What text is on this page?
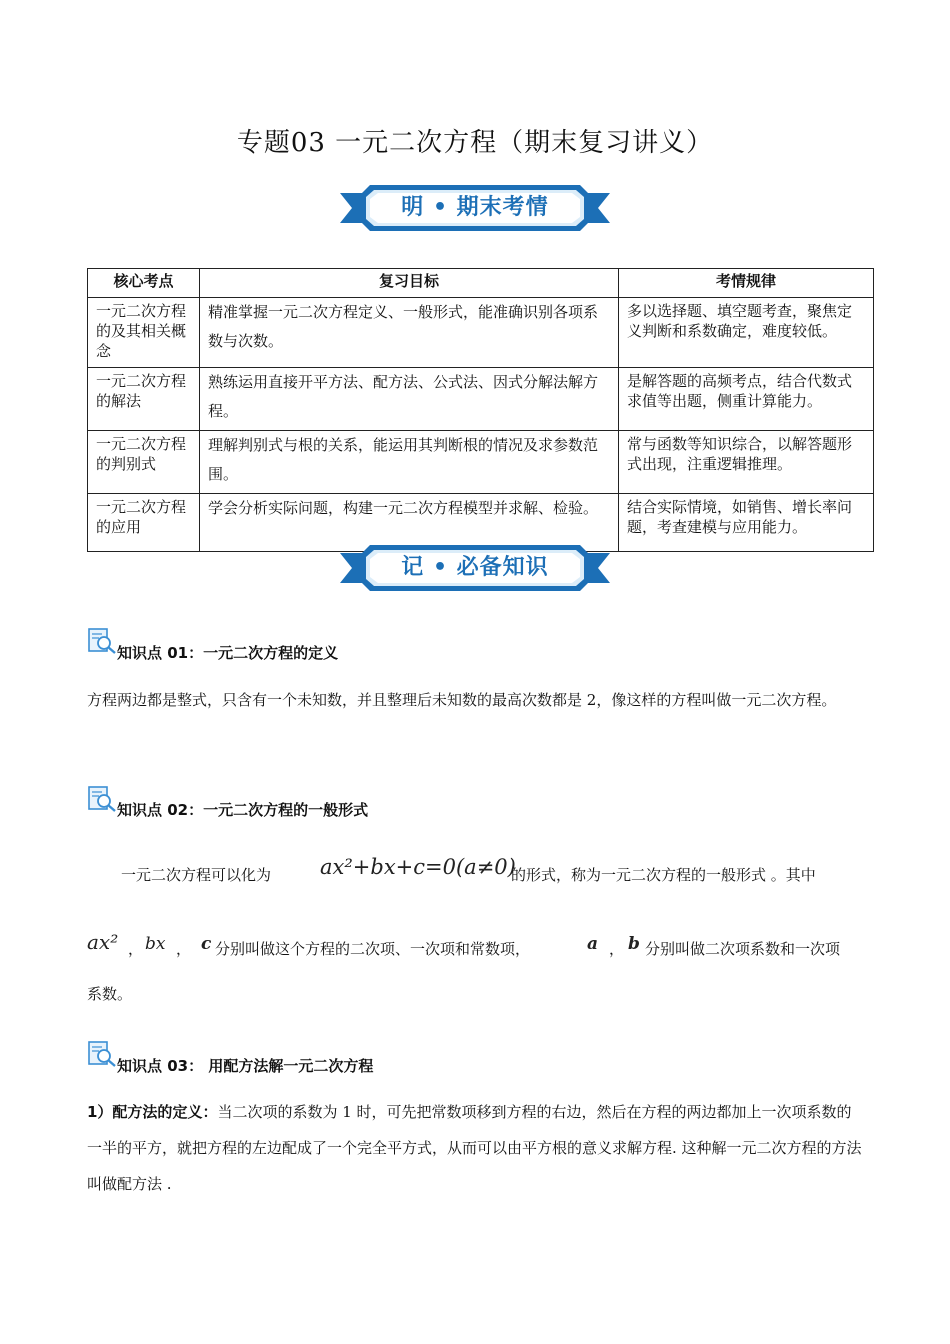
专题03 一元二次方程（期末复习讲义）
明 • 期末考情
核心考点	复习目标	考情规律
一元二次方程的及其相关概念	精准掌握一元二次方程定义、一般形式，能准确识别各项系数与次数。	多以选择题、填空题考查，聚焦定义判断和系数确定，难度较低。
一元二次方程的解法	熟练运用直接开平方法、配方法、公式法、因式分解法解方程。	是解答题的高频考点，结合代数式求值等出题，侧重计算能力。
一元二次方程的判别式	理解判别式与根的关系，能运用其判断根的情况及求参数范围。	常与函数等知识综合，以解答题形式出现，注重逻辑推理。
一元二次方程的应用	学会分析实际问题，构建一元二次方程模型并求解、检验。	结合实际情境，如销售、增长率问题，考查建模与应用能力。
记 • 必备知识
知识点 01：一元二次方程的定义
方程两边都是整式，只含有一个未知数，并且整理后未知数的最高次数都是 2，像这样的方程叫做一元二次方程。
知识点 02：一元二次方程的一般形式
一元二次方程可以化为 ax²+bx+c=0(a≠0)
的形式，称为一元二次方程的一般形式 。其中
ax² ， bx ， c 分别叫做这个方程的二次项、一次项和常数项，	a ， b 分别叫做二次项系数和一次项
系数。
知识点 03： 用配方法解一元二次方程
1）配方法的定义：当二次项的系数为 1 时，可先把常数项移到方程的右边，然后在方程的两边都加上一次项系数的一半的平方，就把方程的左边配成了一个完全平方式，从而可以由平方根的意义求解方程. 这种解一元二次方程的方法叫做配方法 .
